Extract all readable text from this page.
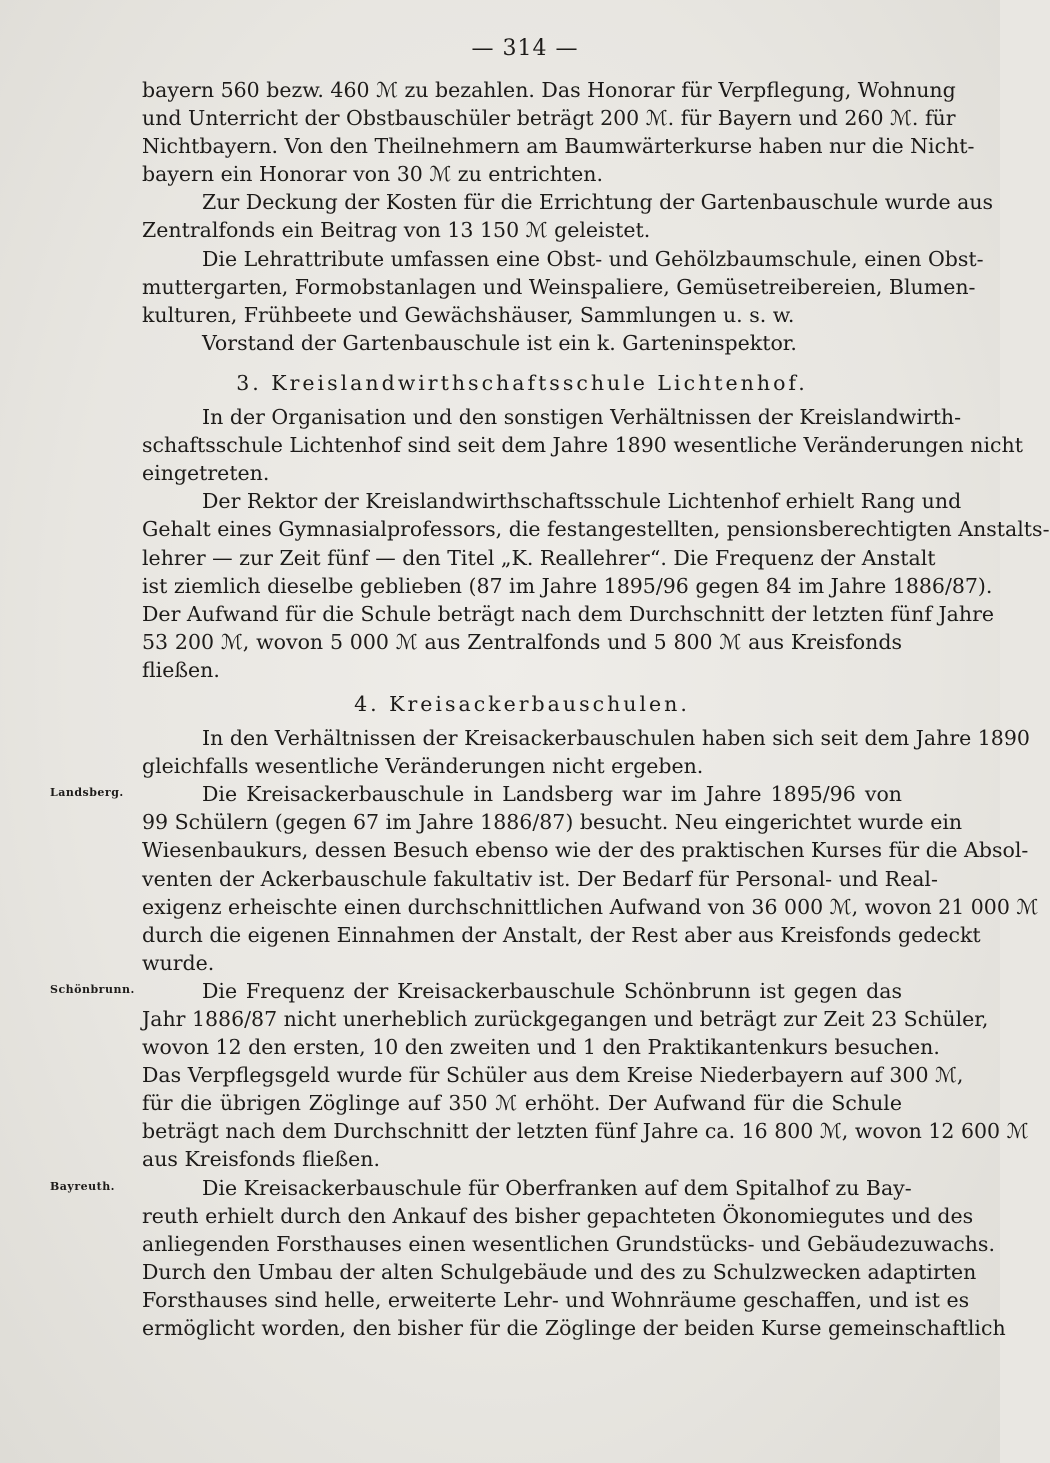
— 314 —
bayern 560 bezw. 460 ℳ zu bezahlen. Das Honorar für Verpflegung, Wohnung
und Unterricht der Obstbauschüler beträgt 200 ℳ. für Bayern und 260 ℳ. für
Nichtbayern. Von den Theilnehmern am Baumwärterkurse haben nur die Nicht-
bayern ein Honorar von 30 ℳ zu entrichten.
Zur Deckung der Kosten für die Errichtung der Gartenbauschule wurde aus
Zentralfonds ein Beitrag von 13 150 ℳ geleistet.
Die Lehrattribute umfassen eine Obst- und Gehölzbaumschule, einen Obst-
muttergarten, Formobstanlagen und Weinspaliere, Gemüsetreibereien, Blumen-
kulturen, Frühbeete und Gewächshäuser, Sammlungen u. s. w.
Vorstand der Gartenbauschule ist ein k. Garteninspektor.
3. Kreislandwirthschaftsschule Lichtenhof.
In der Organisation und den sonstigen Verhältnissen der Kreislandwirth-
schaftsschule Lichtenhof sind seit dem Jahre 1890 wesentliche Veränderungen nicht
eingetreten.
Der Rektor der Kreislandwirthschaftsschule Lichtenhof erhielt Rang und
Gehalt eines Gymnasialprofessors, die festangestellten, pensionsberechtigten Anstalts-
lehrer — zur Zeit fünf — den Titel „K. Reallehrer“. Die Frequenz der Anstalt
ist ziemlich dieselbe geblieben (87 im Jahre 1895/96 gegen 84 im Jahre 1886/87).
Der Aufwand für die Schule beträgt nach dem Durchschnitt der letzten fünf Jahre
53 200 ℳ, wovon 5 000 ℳ aus Zentralfonds und 5 800 ℳ aus Kreisfonds
fließen.
4. Kreisackerbauschulen.
In den Verhältnissen der Kreisackerbauschulen haben sich seit dem Jahre 1890
gleichfalls wesentliche Veränderungen nicht ergeben.
Die Kreisackerbauschule in Landsberg war im Jahre 1895/96 von
99 Schülern (gegen 67 im Jahre 1886/87) besucht. Neu eingerichtet wurde ein
Wiesenbaukurs, dessen Besuch ebenso wie der des praktischen Kurses für die Absol-
venten der Ackerbauschule fakultativ ist. Der Bedarf für Personal- und Real-
exigenz erheischte einen durchschnittlichen Aufwand von 36 000 ℳ, wovon 21 000 ℳ
durch die eigenen Einnahmen der Anstalt, der Rest aber aus Kreisfonds gedeckt
wurde.
Die Frequenz der Kreisackerbauschule Schönbrunn ist gegen das
Jahr 1886/87 nicht unerheblich zurückgegangen und beträgt zur Zeit 23 Schüler,
wovon 12 den ersten, 10 den zweiten und 1 den Praktikantenkurs besuchen.
Das Verpflegsgeld wurde für Schüler aus dem Kreise Niederbayern auf 300 ℳ,
für die übrigen Zöglinge auf 350 ℳ erhöht. Der Aufwand für die Schule
beträgt nach dem Durchschnitt der letzten fünf Jahre ca. 16 800 ℳ, wovon 12 600 ℳ
aus Kreisfonds fließen.
Die Kreisackerbauschule für Oberfranken auf dem Spitalhof zu Bay-
reuth erhielt durch den Ankauf des bisher gepachteten Ökonomiegutes und des
anliegenden Forsthauses einen wesentlichen Grundstücks- und Gebäudezuwachs.
Durch den Umbau der alten Schulgebäude und des zu Schulzwecken adaptirten
Forsthauses sind helle, erweiterte Lehr- und Wohnräume geschaffen, und ist es
ermöglicht worden, den bisher für die Zöglinge der beiden Kurse gemeinschaftlich
Landsberg.
Schönbrunn.
Bayreuth.
